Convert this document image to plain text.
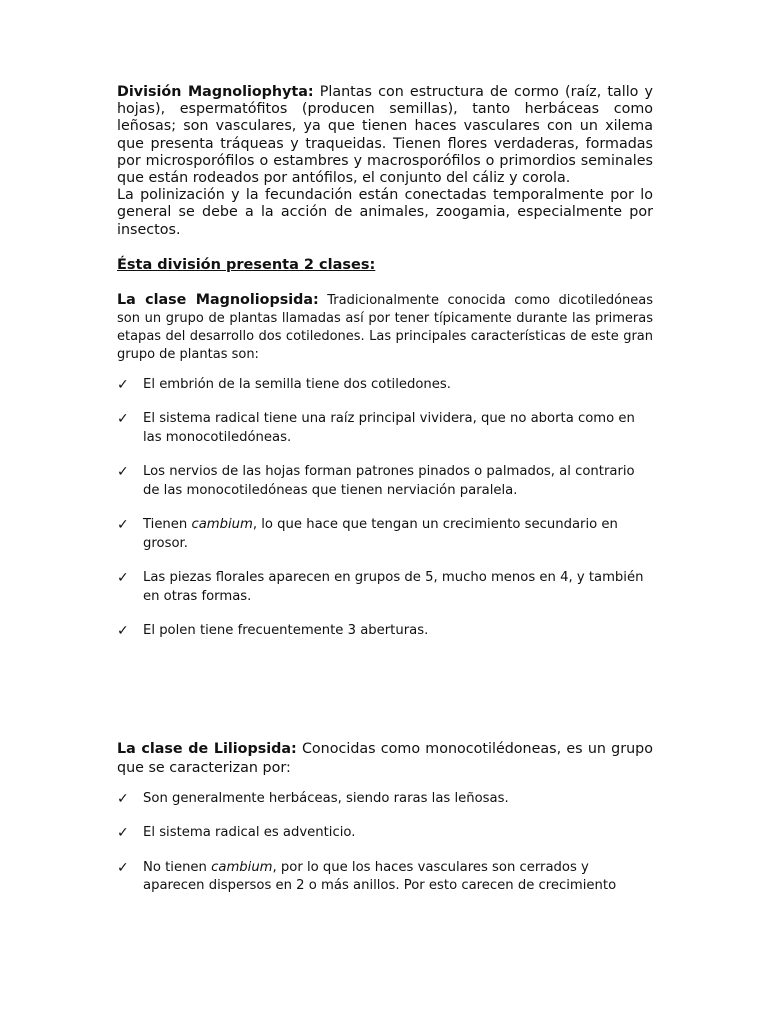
División Magnoliophyta: Plantas con estructura de cormo (raíz, tallo y hojas), espermatófitos (producen semillas), tanto herbáceas como leñosas; son vasculares, ya que tienen haces vasculares con un xilema que presenta tráqueas y traqueidas. Tienen flores verdaderas, formadas por microsporófilos o estambres y macrosporófilos o primordios seminales que están rodeados por antófilos, el conjunto del cáliz y corola.

La polinización y la fecundación están conectadas temporalmente por lo general se debe a la acción de animales, zoogamia, especialmente por insectos.

Ésta división presenta 2 clases:

La clase Magnoliopsida: Tradicionalmente conocida como dicotiledóneas son un grupo de plantas llamadas así por tener típicamente durante las primeras etapas del desarrollo dos cotiledones. Las principales características de este gran grupo de plantas son:

✓ El embrión de la semilla tiene dos cotiledones.
✓ El sistema radical tiene una raíz principal vividera, que no aborta como en las monocotiledóneas.
✓ Los nervios de las hojas forman patrones pinados o palmados, al contrario de las monocotiledóneas que tienen nerviación paralela.
✓ Tienen cambium, lo que hace que tengan un crecimiento secundario en grosor.
✓ Las piezas florales aparecen en grupos de 5, mucho menos en 4, y también en otras formas.
✓ El polen tiene frecuentemente 3 aberturas.

La clase de Liliopsida: Conocidas como monocotilédoneas, es un grupo que se caracterizan por:

✓ Son generalmente herbáceas, siendo raras las leñosas.
✓ El sistema radical es adventicio.
✓ No tienen cambium, por lo que los haces vasculares son cerrados y aparecen dispersos en 2 o más anillos. Por esto carecen de crecimiento
